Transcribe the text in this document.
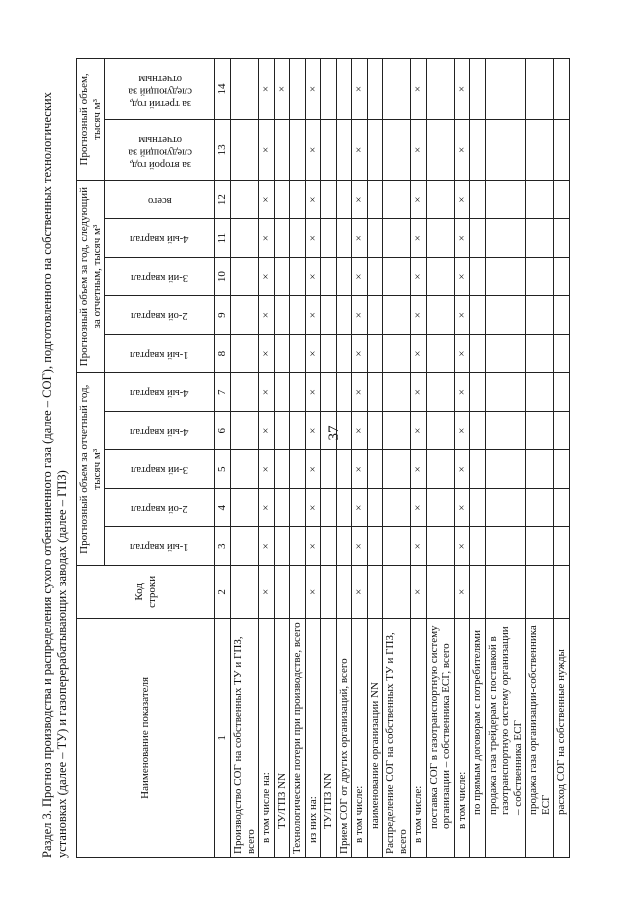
37
Раздел 3. Прогноз производства и распределения сухого отбензиненного газа (далее – СОГ), подготовленного на собственных технологических установках (далее – ТУ) и газоперерабатывающих заводах (далее – ГПЗ)	Наименование показателя	Код строки	Прогнозный объем за отчетный год, тысяч м³					Прогнозный объем за год, следующий за отчетным, тысяч м³					Прогнозный объем, тысяч м³	

		1-ый квартал	2-ой квартал	3-ий квартал	4-ый квартал	4-ый квартал	1-ый квартал	2-ой квартал	3-ий квартал	4-ый квартал	всего	за второй год, следующий за отчетным	за третий год, следующий за отчетным

1	2	3	4	5	6	7	8	9	10	11	12	13	14
Производство СОГ на собственных ТУ и ГПЗ, всего													
в том числе на:	×	×	×	×	×	×	×	×	×	×	×	×	×
ТУ/ГПЗ NN													×
Технологические потери при производстве, всего													
из них на:	×	×	×	×	×	×	×	×	×	×	×	×	×
ТУ/ГПЗ NN													
Прием СОГ от других организаций, всего													
в том числе:	×	×	×	×	×	×	×	×	×	×	×	×	×
наименование организации NN													
Распределение СОГ на собственных ТУ и ГПЗ, всего													
в том числе:	×	×	×	×	×	×	×	×	×	×	×	×	×
поставка СОГ в газотранспортную систему организации – собственника ЕСГ, всего													
в том числе:	×	×	×	×	×	×	×	×	×	×	×	×	×
по прямым договорам с потребителями													
продажа газа трейдерам с поставкой в газотранспортную систему организации – собственника ЕСГ													
продажа газа организации-собственника ЕСГ													
расход СОГ на собственные нужды													
